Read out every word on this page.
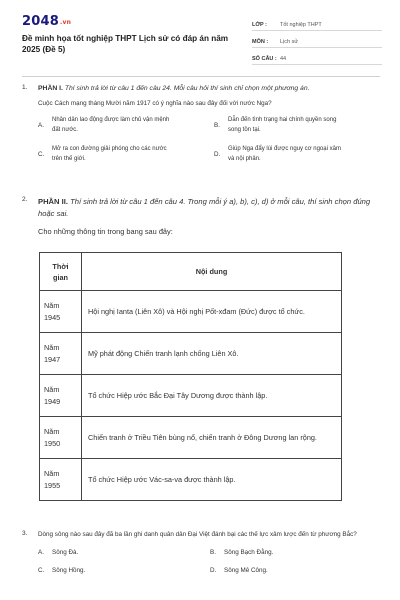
2048.vn
Đề minh họa tốt nghiệp THPT Lịch sử có đáp án năm 2025 (Đề 5)
LỚP :	Tốt nghiệp THPT
MÔN :	Lịch sử
SỐ CÂU : 44
1. PHẦN I. Thí sinh trả lời từ câu 1 đến câu 24. Mỗi câu hỏi thí sinh chỉ chọn một phương án.
Cuộc Cách mạng tháng Mười năm 1917 có ý nghĩa nào sau đây đối với nước Nga?
A.
Nhân dân lao động được làm chủ vận mệnh đất nước.
B.
Dẫn đến tình trạng hai chính quyền song song tồn tại.
C.
Mở ra con đường giải phóng cho các nước trên thế giới.
D.
Giúp Nga đẩy lùi được nguy cơ ngoại xâm và nội phản.
2. PHẦN II. Thí sinh trả lời từ câu 1 đến câu 4. Trong mỗi ý a), b), c), d) ở mỗi câu, thí sinh chọn đúng hoặc sai.
Cho những thông tin trong bang sau đây:
Thời
gian	Nội dung
Năm
1945	Hội nghị Ianta (Liên Xô) và Hội nghị Pốt-xđam (Đức) được tổ chức.
Năm
1947	Mỹ phát động Chiến tranh lạnh chống Liên Xô.
Năm
1949	Tổ chức Hiệp ước Bắc Đại Tây Dương được thành lập.
Năm
1950	Chiến tranh ở Triều Tiên bùng nổ, chiến tranh ở Đông Dương lan rộng.
Năm
1955	Tổ chức Hiệp ước Vác-sa-va được thành lập.
3. Dòng sông nào sau đây đã ba lần ghi danh quân dân Đại Việt đánh bại các thế lực xâm lược đến từ phương Bắc?
A.	Sông Đà.	B.	Sông Bạch Đằng.
C.	Sông Hồng.	D.	Sông Mê Công.
